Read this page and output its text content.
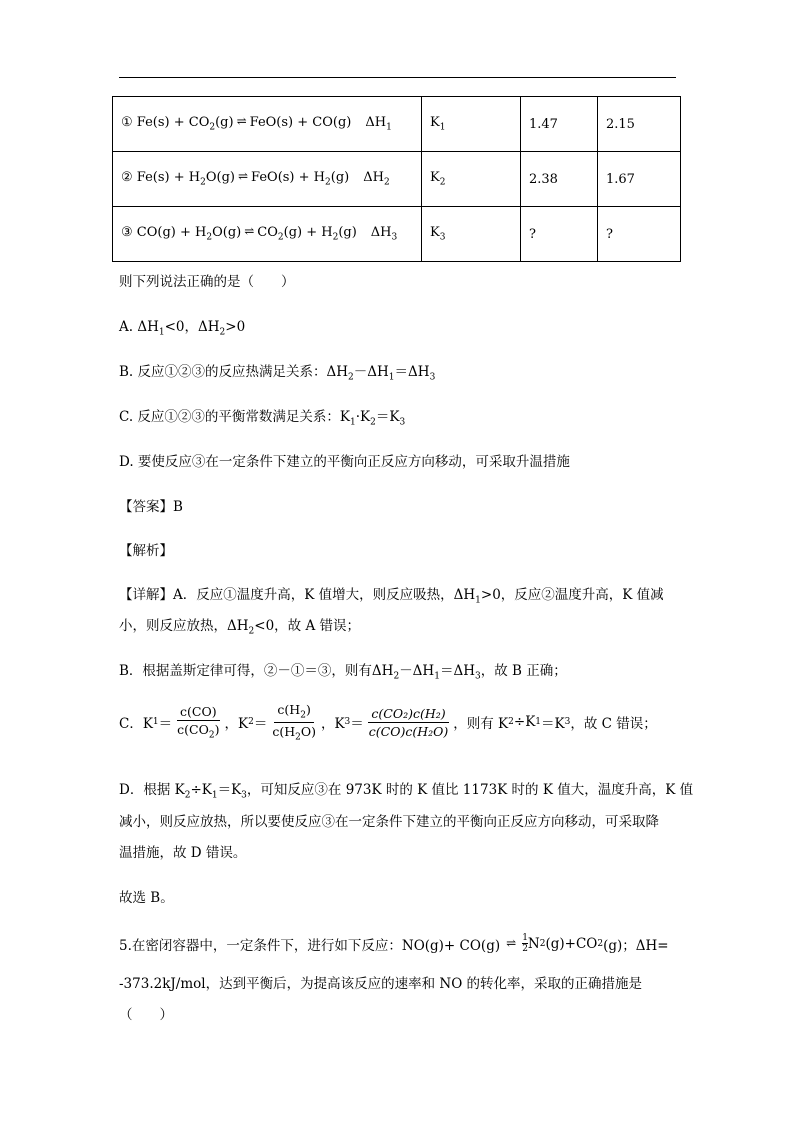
① $Fe(s) + CO_2(g)$ ⇌ FeO(s) + CO(g) $\Delta H_1$	$K_1$	1.47	2.15
② $Fe(s) + H_2O(g)$ ⇌ $FeO(s) + H_2(g)$ $\Delta H_2$	$K_2$	2.38	1.67
③ $CO(g) + H_2O(g)$ ⇌ $CO_2(g) + H_2(g)$ $\Delta H_3$	$K_3$	?	?
则下列说法正确的是（　　）
A. $\Delta H_1<0$，$\Delta H_2>0$
B. 反应①②③的反应热满足关系：$\Delta H_2-\Delta H_1=\Delta H_3$
C. 反应①②③的平衡常数满足关系：$K_1\cdot K_2=K_3$
D. 要使反应③在一定条件下建立的平衡向正反应方向移动，可采取升温措施
【答案】B
【解析】
【详解】A．反应①温度升高，K 值增大，则反应吸热，$\Delta H_1>0$，反应②温度升高，K 值减
小，则反应放热，$\Delta H_2<0$，故 A 错误；
B．根据盖斯定律可得，②－①＝③，则有$\Delta H_2-\Delta H_1=\Delta H_3$，故 B 正确；
C．K $1 = \frac{c(CO)}{c(CO_2)}$ ，K $2 = \frac{c(H_2)}{c(H_2O)}$ ，K $3 = \frac{\text{c(CO₂)c(H₂)}}{\text{c(CO)c(H₂O)}}$ ，则有 K 2 ÷K 1 ＝K 3 ，故 C 错误；
D．根据 $K_2\div K_1=K_3$，可知反应③在 973K 时的 K 值比 1173K 时的 K 值大，温度升高，K 值
减小，则反应放热，所以要使反应③在一定条件下建立的平衡向正反应方向移动，可采取降
温措施，故 D 错误。
故选 B。
5.在密闭容器中，一定条件下，进行如下反应：NO(g)+ CO(g) ⇌ 1
2 N 2 (g)+CO 2 (g)；ΔH=
-373.2kJ/mol，达到平衡后，为提高该反应的速率和 NO 的转化率，采取的正确措施是
（　　）
